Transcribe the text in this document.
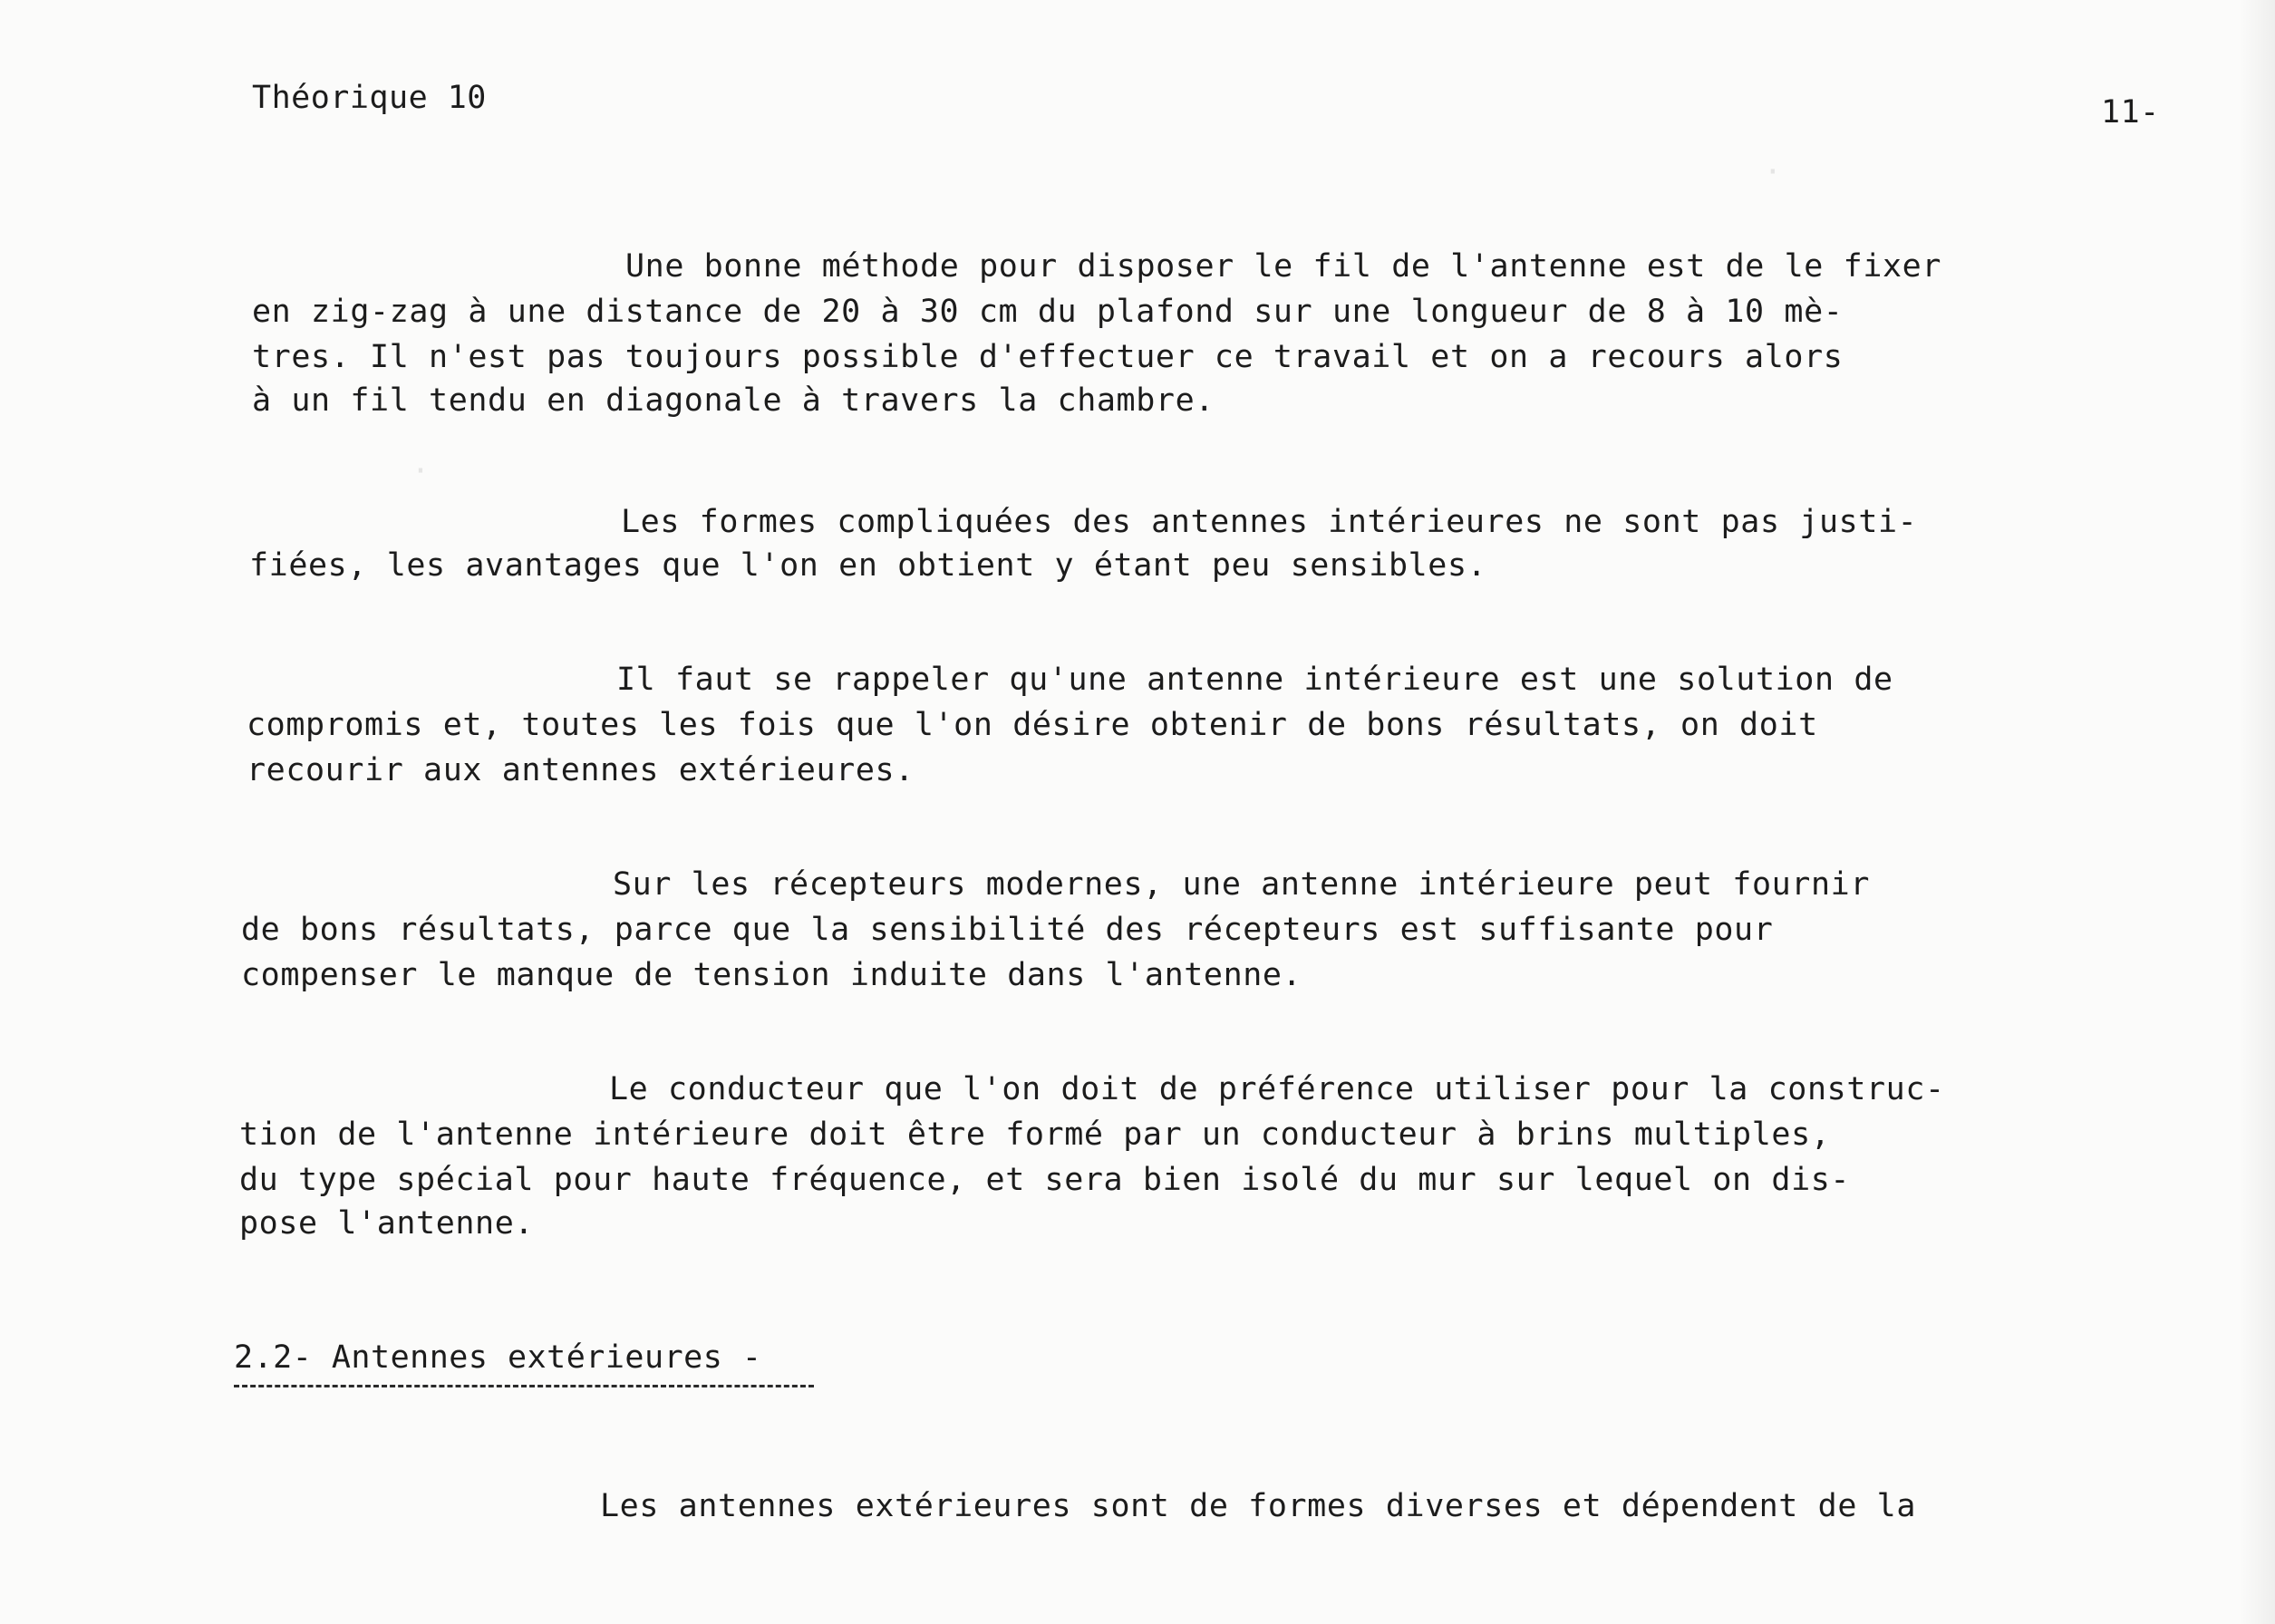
·
·
Théorique 10	11-
Une bonne méthode pour disposer le fil de l'antenne est de le fixer
en zig-zag à une distance de 20 à 30 cm du plafond sur une longueur de 8 à 10 mè-
tres. Il n'est pas toujours possible d'effectuer ce travail et on a recours alors
à un fil tendu en diagonale à travers la chambre.
Les formes compliquées des antennes intérieures ne sont pas justi-
fiées, les avantages que l'on en obtient y étant peu sensibles.
Il faut se rappeler qu'une antenne intérieure est une solution de
compromis et, toutes les fois que l'on désire obtenir de bons résultats, on doit
recourir aux antennes extérieures.
Sur les récepteurs modernes, une antenne intérieure peut fournir
de bons résultats, parce que la sensibilité des récepteurs est suffisante pour
compenser le manque de tension induite dans l'antenne.
Le conducteur que l'on doit de préférence utiliser pour la construc-
tion de l'antenne intérieure doit être formé par un conducteur à brins multiples,
du type spécial pour haute fréquence, et sera bien isolé du mur sur lequel on dis-
pose l'antenne.
2.2- Antennes extérieures -
Les antennes extérieures sont de formes diverses et dépendent de la
